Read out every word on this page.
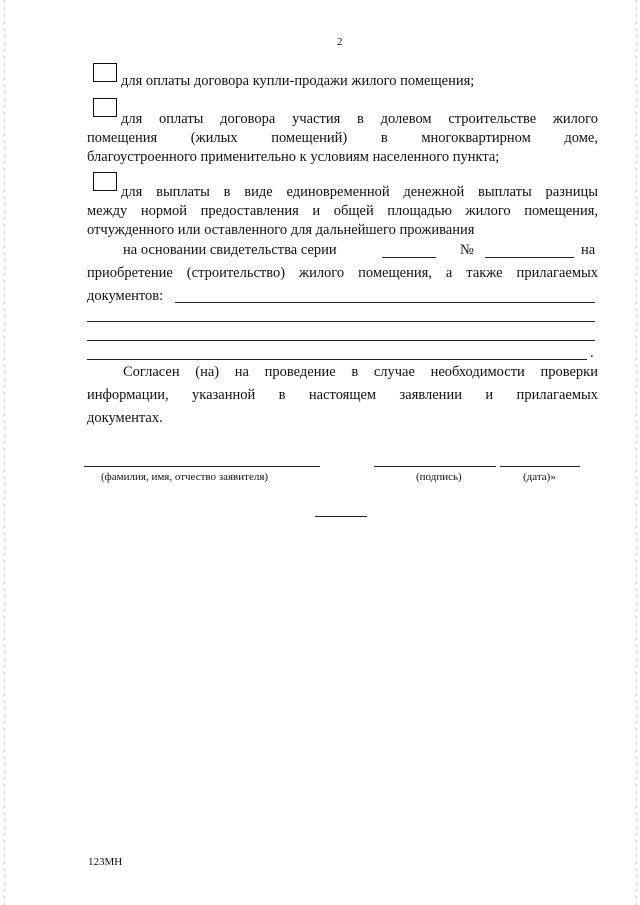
2
для оплаты договора купли-продажи жилого помещения;
для оплаты договора участия в долевом строительстве жилого
помещения (жилых помещений) в многоквартирном доме,
благоустроенного применительно к условиям населенного пункта;
для выплаты в виде единовременной денежной выплаты разницы
между нормой предоставления и общей площадью жилого помещения,
отчужденного или оставленного для дальнейшего проживания
на основании свидетельства серии	№	на
приобретение (строительство) жилого помещения, а также прилагаемых
документов:
.
Согласен (на) на проведение в случае необходимости проверки
информации, указанной в настоящем заявлении и прилагаемых
документах.
(фамилия, имя, отчество заявителя)	(подпись)	(дата)»
123МН
